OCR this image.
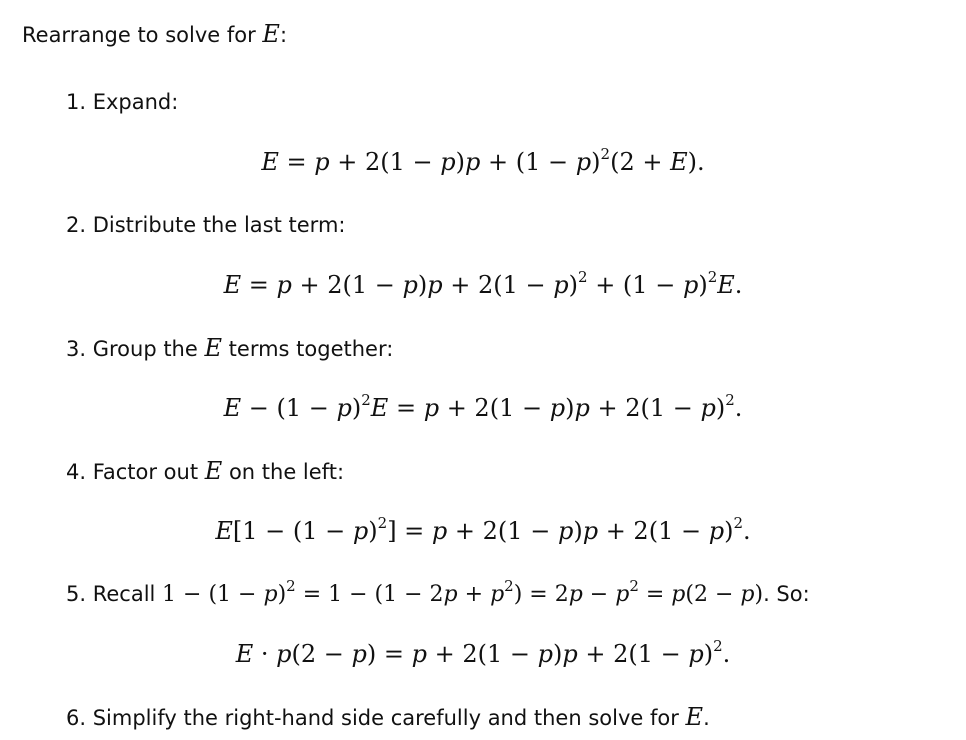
Rearrange to solve for E:
1. Expand:
$E = p + 2(1 - p)p + (1 - p)^2(2 + E)$.
2. Distribute the last term:
$E = p + 2(1 - p)p + 2(1 - p)^2 + (1 - p)^2E$.
3. Group the E terms together:
$E - (1 - p)^2E = p + 2(1 - p)p + 2(1 - p)^2$.
4. Factor out E on the left:
$E[1 - (1 - p)^2] = p + 2(1 - p)p + 2(1 - p)^2$.
5. Recall $1 - (1 - p)^2 = 1 - (1 - 2p + p^2) = 2p - p^2 = p(2 - p)$. So:
$E \cdot p(2 - p) = p + 2(1 - p)p + 2(1 - p)^2$.
6. Simplify the right-hand side carefully and then solve for E.
